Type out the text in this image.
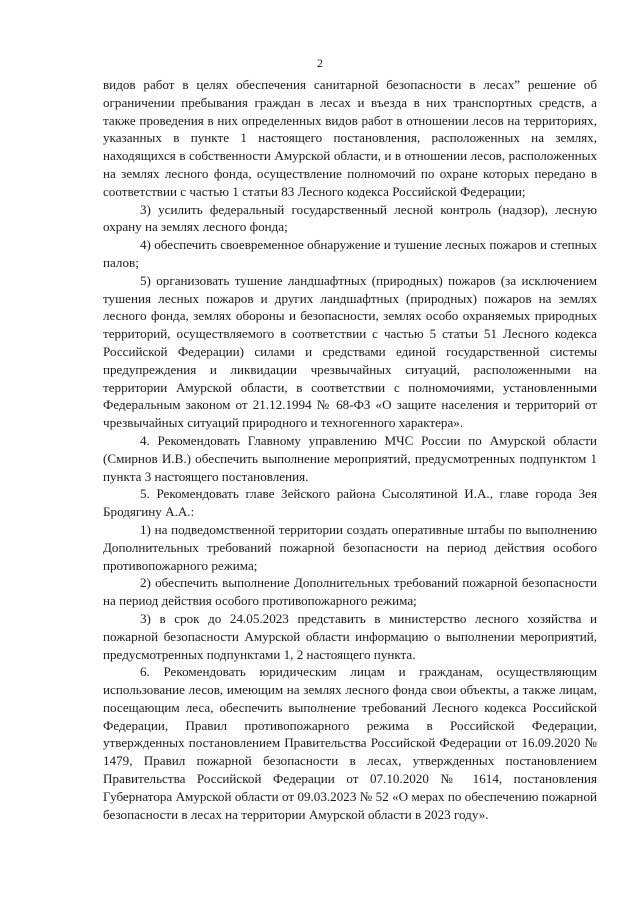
2

видов работ в целях обеспечения санитарной безопасности в лесах” решение об ограничении пребывания граждан в лесах и въезда в них транспортных средств, а также проведения в них определенных видов работ в отношении лесов на территориях, указанных в пункте 1 настоящего постановления, расположенных на землях, находящихся в собственности Амурской области, и в отношении лесов, расположенных на землях лесного фонда, осуществление полномочий по охране которых передано в соответствии с частью 1 статьи 83 Лесного кодекса Российской Федерации;

3) усилить федеральный государственный лесной контроль (надзор), лесную охрану на землях лесного фонда;

4) обеспечить своевременное обнаружение и тушение лесных пожаров и степных палов;

5) организовать тушение ландшафтных (природных) пожаров (за исключением тушения лесных пожаров и других ландшафтных (природных) пожаров на землях лесного фонда, землях обороны и безопасности, землях особо охраняемых природных территорий, осуществляемого в соответствии с частью 5 статьи 51 Лесного кодекса Российской Федерации) силами и средствами единой государственной системы предупреждения и ликвидации чрезвычайных ситуаций, расположенными на территории Амурской области, в соответствии с полномочиями, установленными Федеральным законом от 21.12.1994 № 68-ФЗ «О защите населения и территорий от чрезвычайных ситуаций природного и техногенного характера».

4. Рекомендовать Главному управлению МЧС России по Амурской области (Смирнов И.В.) обеспечить выполнение мероприятий, предусмотренных подпунктом 1 пункта 3 настоящего постановления.

5. Рекомендовать главе Зейского района Сысолятиной И.А., главе города Зея Бродягину А.А.:

1) на подведомственной территории создать оперативные штабы по выполнению Дополнительных требований пожарной безопасности на период действия особого противопожарного режима;

2) обеспечить выполнение Дополнительных требований пожарной безопасности на период действия особого противопожарного режима;

3) в срок до 24.05.2023 представить в министерство лесного хозяйства и пожарной безопасности Амурской области информацию о выполнении мероприятий, предусмотренных подпунктами 1, 2 настоящего пункта.

6. Рекомендовать юридическим лицам и гражданам, осуществляющим использование лесов, имеющим на землях лесного фонда свои объекты, а также лицам, посещающим леса, обеспечить выполнение требований Лесного кодекса Российской Федерации, Правил противопожарного режима в Российской Федерации, утвержденных постановлением Правительства Российской Федерации от 16.09.2020 № 1479, Правил пожарной безопасности в лесах, утвержденных постановлением Правительства Российской Федерации от 07.10.2020 № 1614, постановления Губернатора Амурской области от 09.03.2023 № 52 «О мерах по обеспечению пожарной безопасности в лесах на территории Амурской области в 2023 году».
